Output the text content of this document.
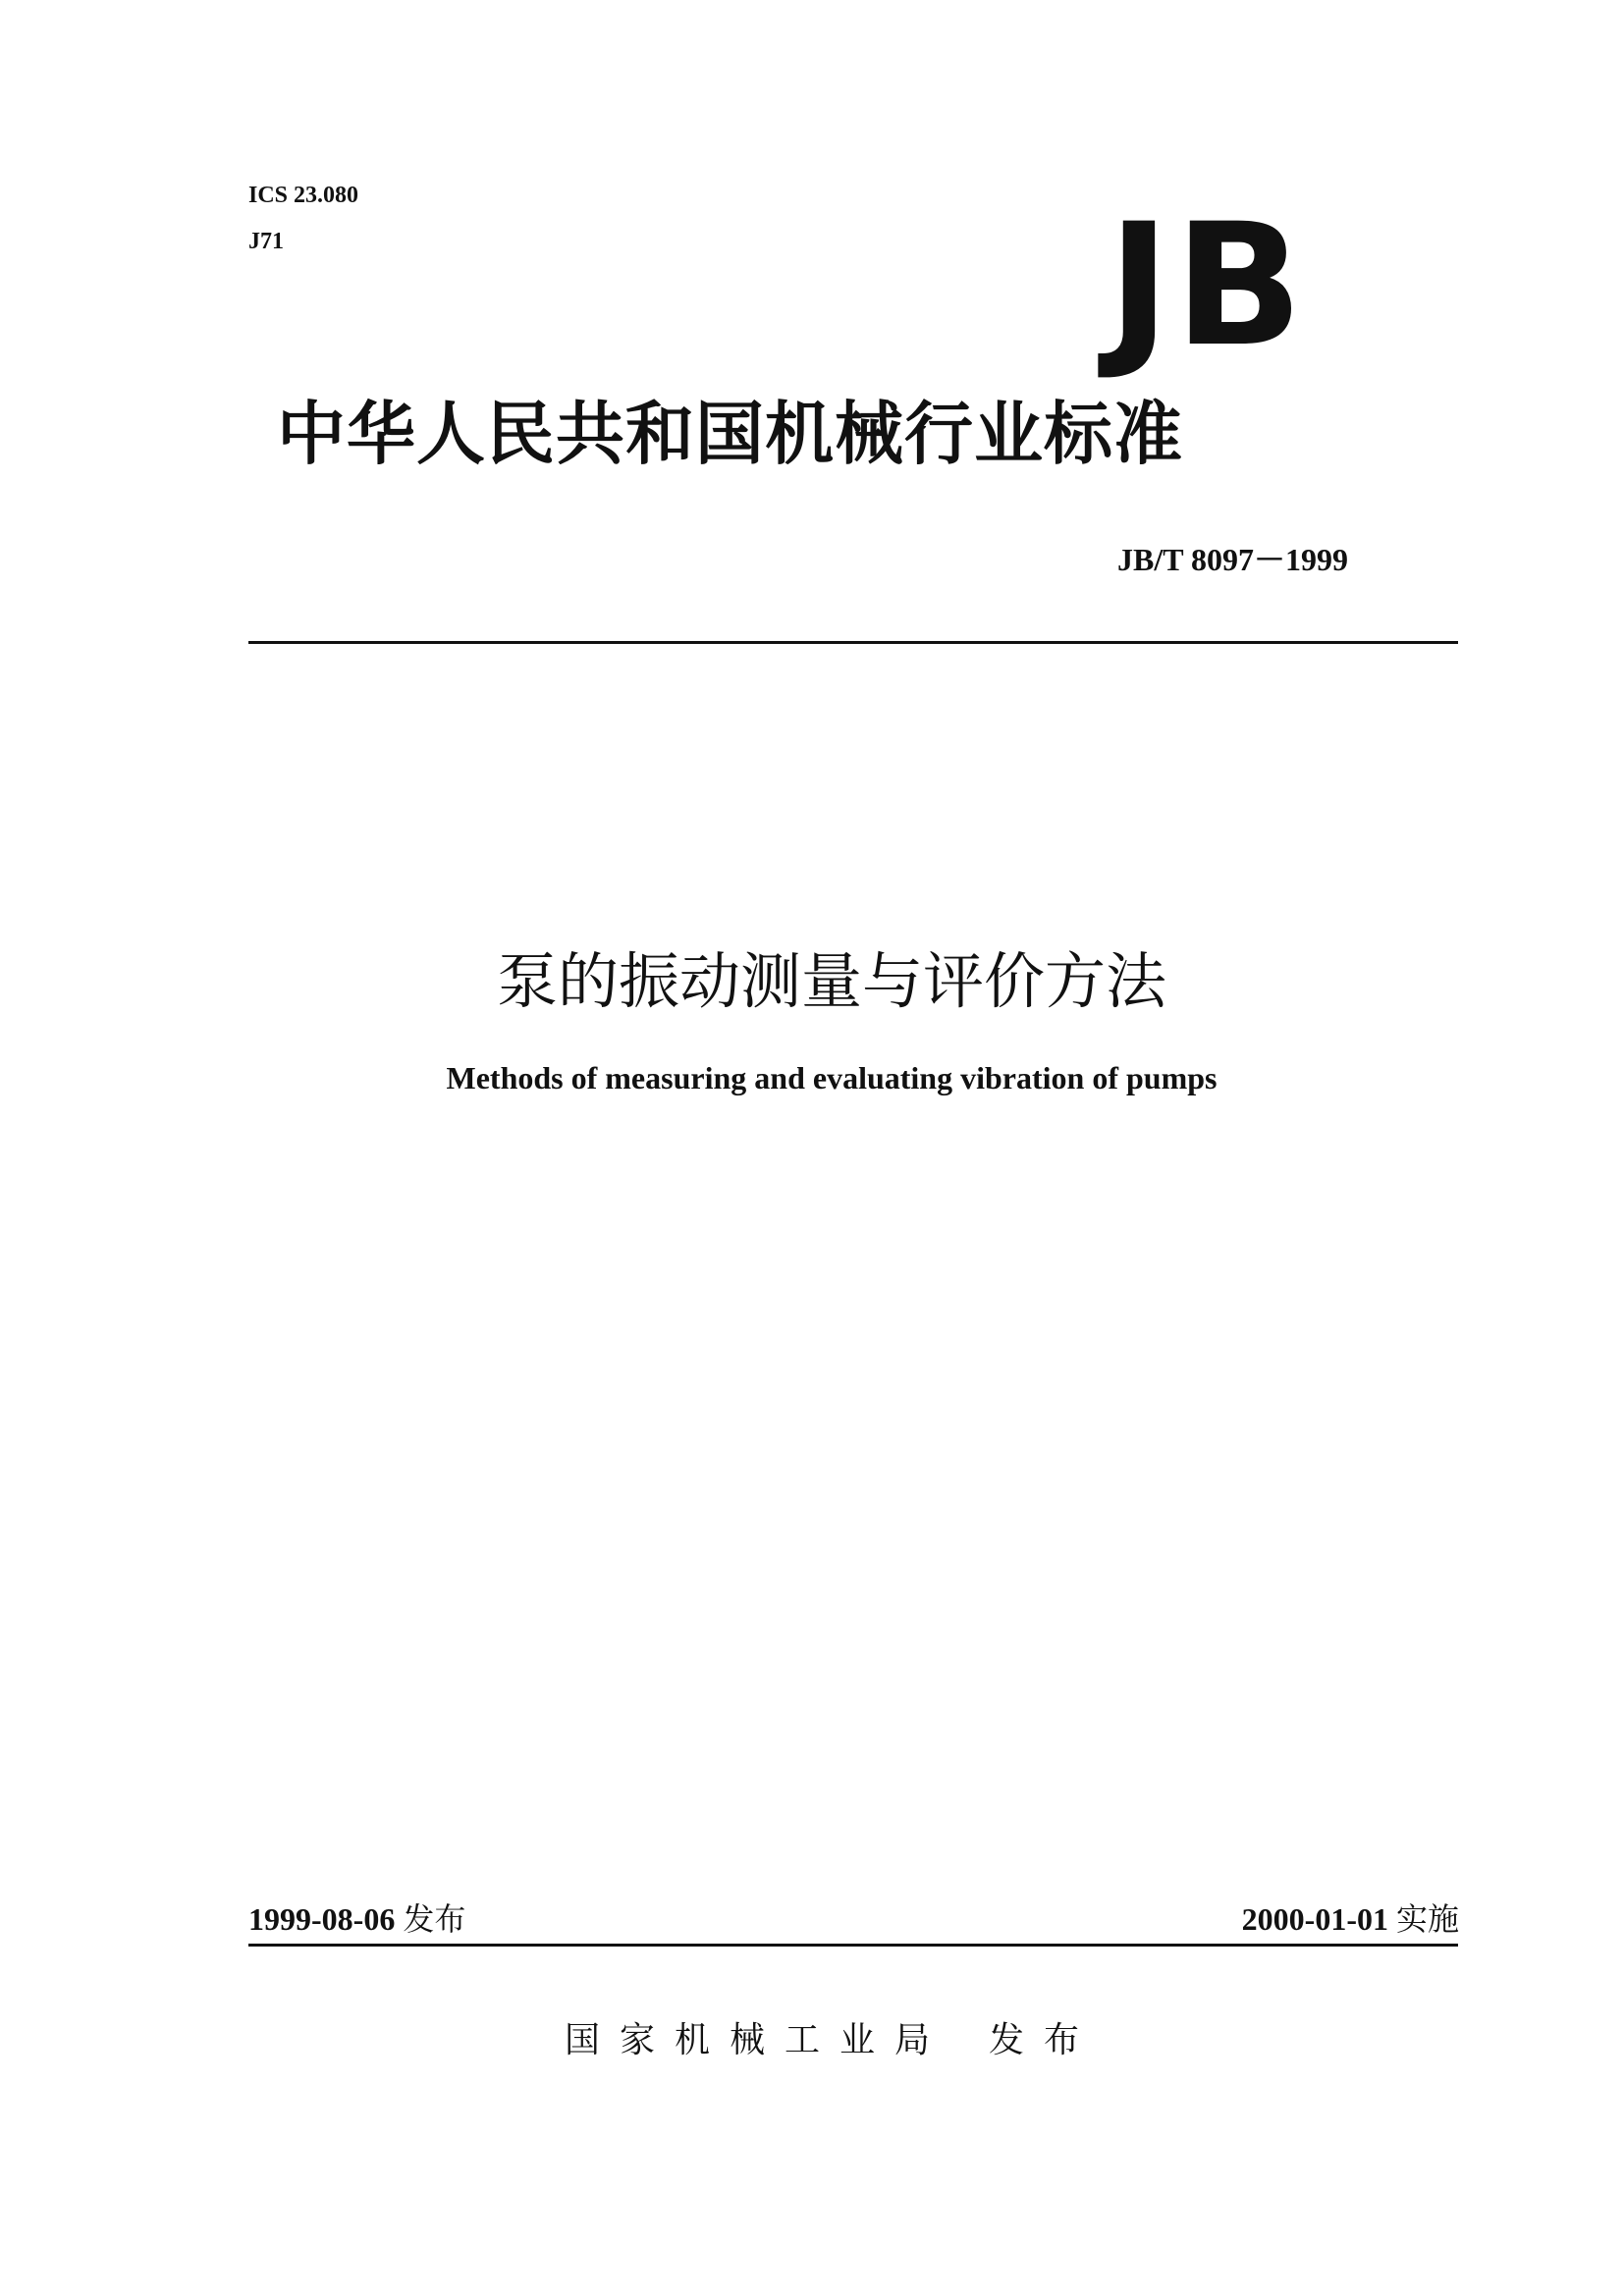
ICS 23.080
J71	JB
中华人民共和国机械行业标准
JB/T 8097－1999
泵的振动测量与评价方法
Methods of measuring and evaluating vibration of pumps
1999-08-06 发布	2000-01-01 实施
国家机械工业局 发布
